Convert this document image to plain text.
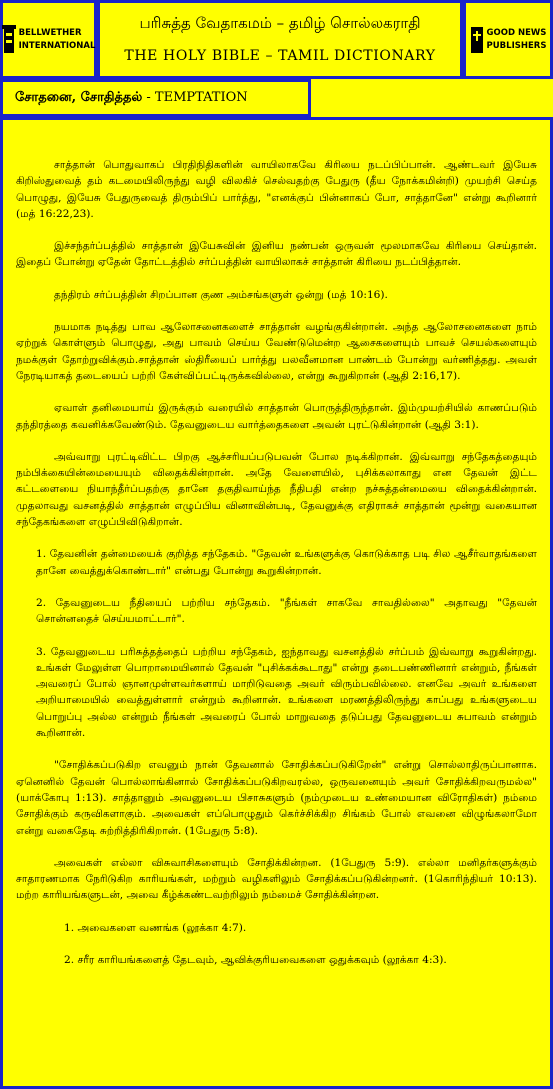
BELLWETHER
INTERNATIONAL
பரிசுத்த வேதாகமம் – தமிழ் சொல்லகராதி
THE HOLY BIBLE – TAMIL DICTIONARY
GOOD NEWS
PUBLISHERS
சோதனை, சோதித்தல் - TEMPTATION

சாத்தான் பொதுவாகப் பிரதிநிதிகளின் வாயிலாகவே கிரியை நடப்பிப்பான். ஆண்டவர் இயேசு கிறிஸ்துவைத் தம் கடமையிலிருந்து வழி விலகிச் செல்வதற்கு பேதுரு (தீய நோக்கமின்றி) முயற்சி செய்த பொழுது, இயேசு பேதுருவைத் திரும்பிப் பார்த்து, "எனக்குப் பின்னாகப் போ, சாத்தானே" என்று கூறினார் (மத் 16:22,23).

இச்சந்தர்ப்பத்தில் சாத்தான் இயேசுவின் இனிய நண்பன் ஒருவன் மூலமாகவே கிரியை செய்தான். இதைப் போன்று ஏதேன் தோட்டத்தில் சர்ப்பத்தின் வாயிலாகச் சாத்தான் கிரியை நடப்பித்தான்.

தந்திரம் சர்ப்பத்தின் சிறப்பான குண அம்சங்களுள் ஒன்று (மத் 10:16).

நயமாக நடித்து பாவ ஆலோசனைகளைச் சாத்தான் வழங்குகின்றான். அந்த ஆலோசனைகளை நாம் ஏற்றுக் கொள்ளும் பொழுது, அது பாவம் செய்ய வேண்டுமென்ற ஆசைகளையும் பாவச் செயல்களையும் நமக்குள் தோற்றுவிக்கும்.சாத்தான் ஸ்திரீயைப் பார்த்து பலவீனமான பாண்டம் போன்று வர்ணித்தது. அவள் நேரடியாகத் தடையைப் பற்றி கேள்விப்பட்டிருக்கவில்லை, என்று கூறுகிறான் (ஆதி 2:16,17).

ஏவாள் தனிமையாய் இருக்கும் வரையில் சாத்தான் பொருத்திருந்தான். இம்முயற்சியில் காணப்படும் தந்திரத்தை கவனிக்கவேண்டும். தேவனுடைய வார்த்தைகளை அவன் புரட்டுகின்றான் (ஆதி 3:1).

அவ்வாறு புரட்டிவிட்ட பிறகு ஆச்சரியப்படுபவன் போல நடிக்கிறான். இவ்வாறு சந்தேகத்தையும் நம்பிக்கையின்மையையும் விதைக்கின்றான். அதே வேளையில், புசிக்கலாகாது என தேவன் இட்ட கட்டளையை நியாந்தீர்ப்பதற்கு தானே தகுதிவாய்ந்த நீதிபதி என்ற நச்சுத்தன்மையை விதைக்கின்றான். முதலாவது வசனத்தில் சாத்தான் எழுப்பிய வினாவின்படி, தேவனுக்கு எதிராகச் சாத்தான் மூன்று வகையான சந்தேகங்களை எழுப்பிவிடுகிறான்.

1. தேவனின் தன்மையைக் குறித்த சந்தேகம். "தேவன் உங்களுக்கு கொடுக்காத படி சில ஆசீர்வாதங்களை தானே வைத்துக்கொண்டார்" என்பது போன்று கூறுகின்றான்.

2. தேவனுடைய நீதியைப் பற்றிய சந்தேகம். "நீங்கள் சாகவே சாவதில்லை" அதாவது "தேவன் சொன்னதைச் செய்யமாட்டார்".

3. தேவனுடைய பரிசுத்தத்தைப் பற்றிய சந்தேகம், ஐந்தாவது வசனத்தில் சர்ப்பம் இவ்வாறு கூறுகின்றது. உங்கள் மேலுள்ள பொறாமையினால் தேவன் "புசிக்கக்கூடாது" என்று தடைபண்ணினார் என்றும், நீங்கள் அவரைப் போல் ஞானமுள்ளவர்களாய் மாறிடுவதை அவர் விரும்பவில்லை. எனவே அவர் உங்களை அறியாமையில் வைத்துள்ளார் என்றும் கூறினான். உங்களை மரணத்திலிருந்து காப்பது உங்களுடைய பொறுப்பு அல்ல என்றும் நீங்கள் அவரைப் போல் மாறுவதை தடுப்பது தேவனுடைய சுபாவம் என்றும் கூறினான்.

"சோதிக்கப்படுகிற எவனும் நான் தேவனால் சோதிக்கப்படுகிறேன்" என்று சொல்லாதிருப்பானாக. ஏனெனில் தேவன் பொல்லாங்கினால் சோதிக்கப்படுகிறவரல்ல, ஒருவனையும் அவர் சோதிக்கிறவருமல்ல" (யாக்கோபு 1:13). சாத்தானும் அவனுடைய பிசாசுகளும் (நம்முடைய உண்மையான விரோதிகள்) நம்மை சோதிக்கும் கருவிகளாகும். அவைகள் எப்பொழுதும் கெர்ச்சிக்கிற சிங்கம் போல் எவனை விழுங்கலாமோ என்று வகைதேடி சுற்றித்திரிகிறான். (1பேதுரு 5:8).

அவைகள் எல்லா விசுவாசிகளையும் சோதிக்கின்றன. (1பேதுரு 5:9). எல்லா மனிதர்களுக்கும் சாதாரணமாக நேரிடுகிற காரியங்கள், மற்றும் வழிகளிலும் சோதிக்கப்படுகின்றனர். (1கொரிந்தியர் 10:13). மற்ற காரியங்களுடன், அவை கீழ்க்கண்டவற்றிலும் நம்மைச் சோதிக்கின்றன.

1. அவைகளை வணங்க (லூக்கா 4:7).

2. சரீர காரியங்களைத் தேடவும், ஆவிக்குரியவைகளை ஒதுக்கவும் (லூக்கா 4:3).
